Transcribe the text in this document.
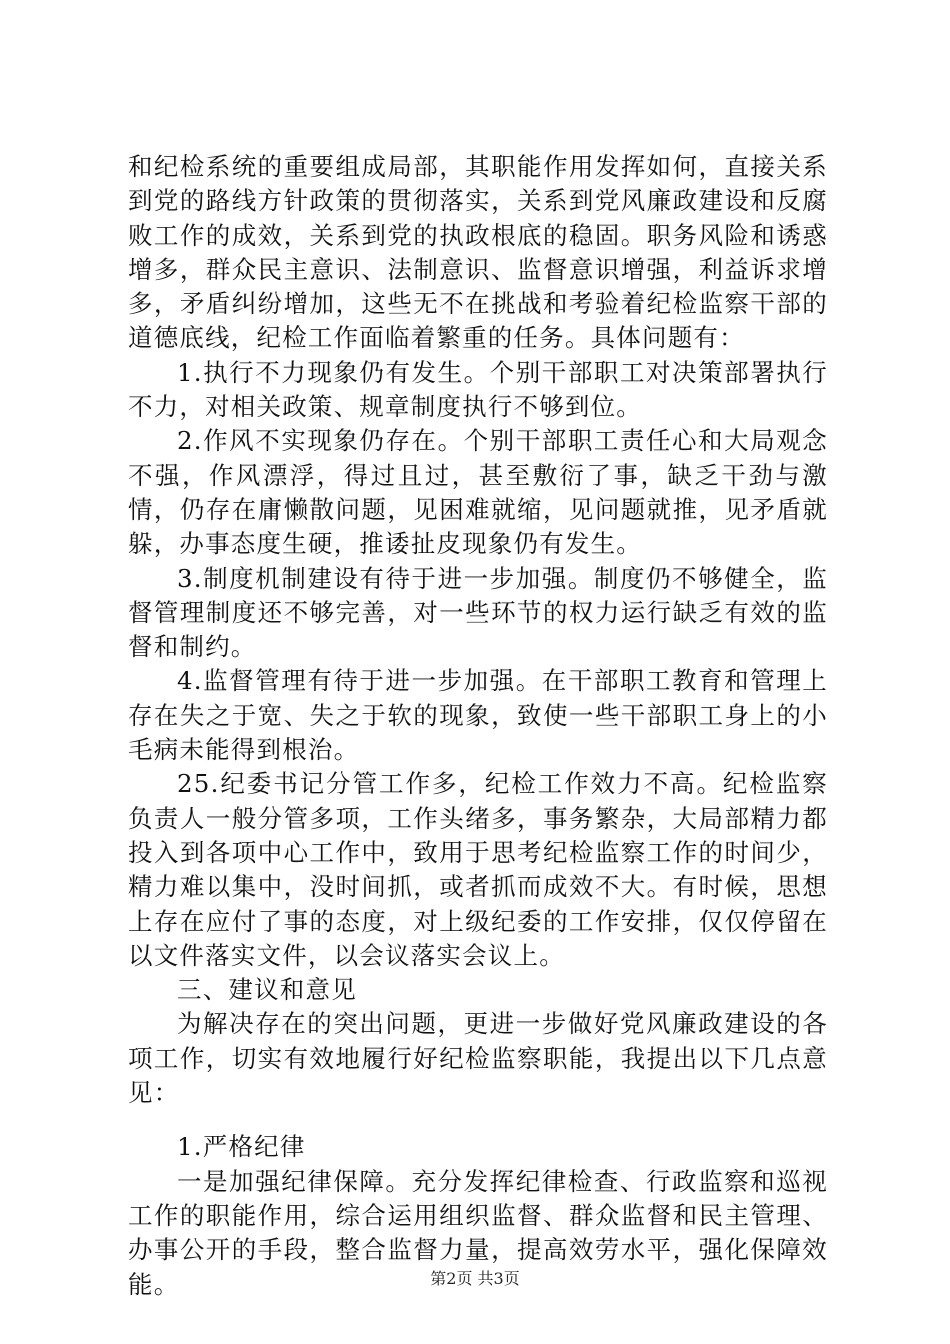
和纪检系统的重要组成局部，其职能作用发挥如何，直接关系到党的路线方针政策的贯彻落实，关系到党风廉政建设和反腐败工作的成效，关系到党的执政根底的稳固。职务风险和诱惑增多，群众民主意识、法制意识、监督意识增强，利益诉求增多，矛盾纠纷增加，这些无不在挑战和考验着纪检监察干部的道德底线，纪检工作面临着繁重的任务。具体问题有：

1.执行不力现象仍有发生。个别干部职工对决策部署执行不力，对相关政策、规章制度执行不够到位。

2.作风不实现象仍存在。个别干部职工责任心和大局观念不强，作风漂浮，得过且过，甚至敷衍了事，缺乏干劲与激情，仍存在庸懒散问题，见困难就缩，见问题就推，见矛盾就躲，办事态度生硬，推诿扯皮现象仍有发生。

3.制度机制建设有待于进一步加强。制度仍不够健全，监督管理制度还不够完善，对一些环节的权力运行缺乏有效的监督和制约。

4.监督管理有待于进一步加强。在干部职工教育和管理上存在失之于宽、失之于软的现象，致使一些干部职工身上的小毛病未能得到根治。

25.纪委书记分管工作多，纪检工作效力不高。纪检监察负责人一般分管多项，工作头绪多，事务繁杂，大局部精力都投入到各项中心工作中，致用于思考纪检监察工作的时间少，精力难以集中，没时间抓，或者抓而成效不大。有时候，思想上存在应付了事的态度，对上级纪委的工作安排，仅仅停留在以文件落实文件，以会议落实会议上。

三、建议和意见

为解决存在的突出问题，更进一步做好党风廉政建设的各项工作，切实有效地履行好纪检监察职能，我提出以下几点意见：

1.严格纪律

一是加强纪律保障。充分发挥纪律检查、行政监察和巡视工作的职能作用，综合运用组织监督、群众监督和民主管理、办事公开的手段，整合监督力量，提高效劳水平，强化保障效能。	第2页 共3页
